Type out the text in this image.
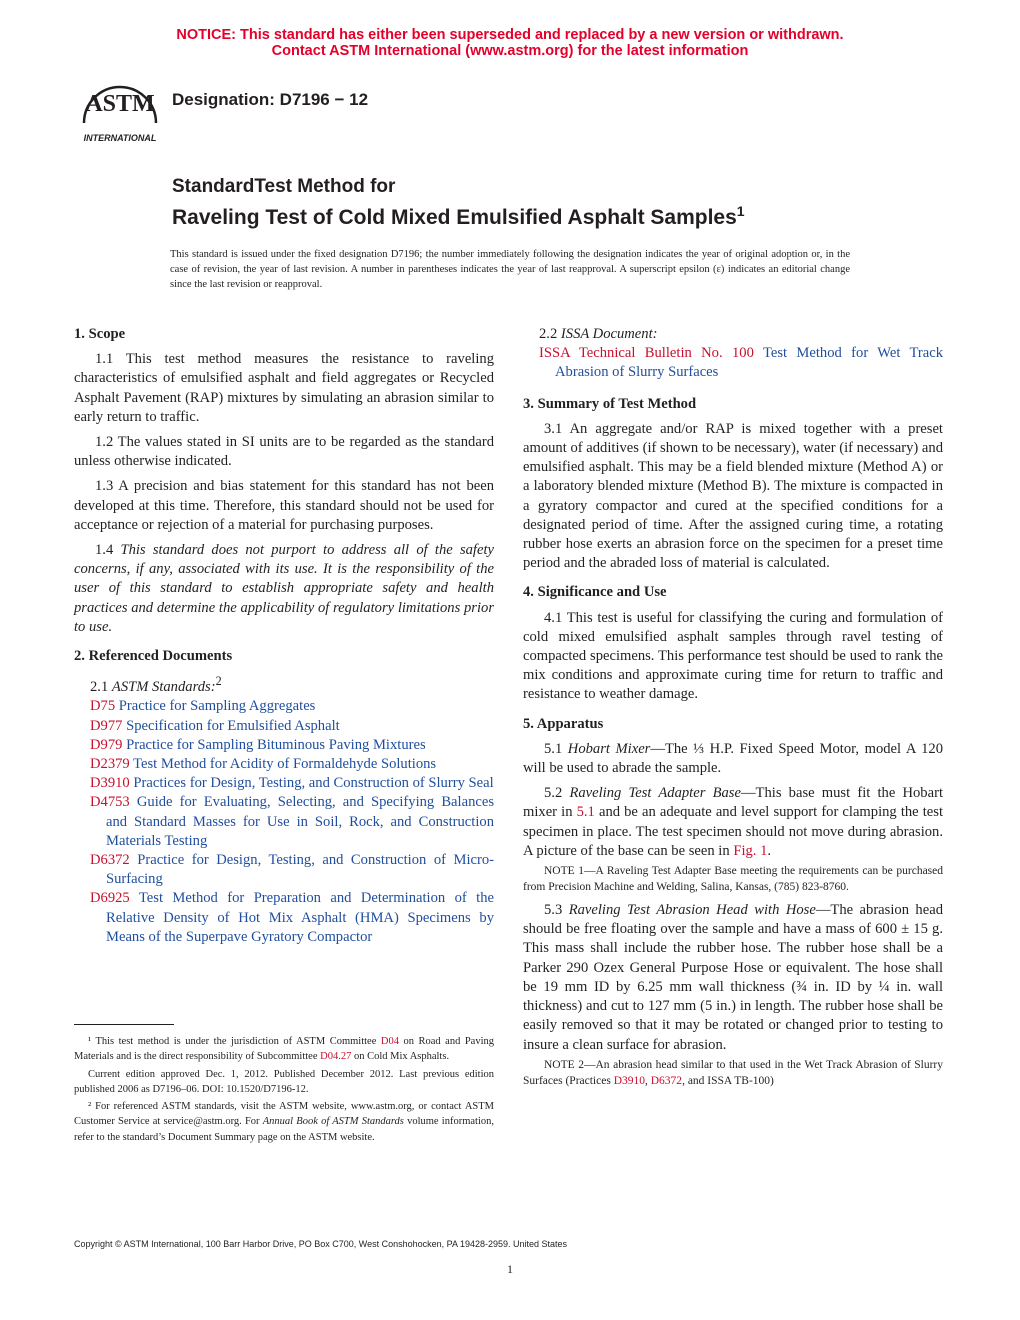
NOTICE: This standard has either been superseded and replaced by a new version or withdrawn.
Contact ASTM International (www.astm.org) for the latest information
ASTM
INTERNATIONAL
Designation: D7196 − 12
StandardTest Method for
Raveling Test of Cold Mixed Emulsified Asphalt Samples$^1$
This standard is issued under the fixed designation D7196; the number immediately following the designation indicates the year of original adoption or, in the case of revision, the year of last revision. A number in parentheses indicates the year of last reapproval. A superscript epsilon (ε) indicates an editorial change since the last revision or reapproval.
1. Scope

1.1 This test method measures the resistance to raveling characteristics of emulsified asphalt and field aggregates or Recycled Asphalt Pavement (RAP) mixtures by simulating an abrasion similar to early return to traffic.

1.2 The values stated in SI units are to be regarded as the standard unless otherwise indicated.

1.3 A precision and bias statement for this standard has not been developed at this time. Therefore, this standard should not be used for acceptance or rejection of a material for purchasing purposes.

1.4 This standard does not purport to address all of the safety concerns, if any, associated with its use. It is the responsibility of the user of this standard to establish appropriate safety and health practices and determine the applicability of regulatory limitations prior to use.

2. Referenced Documents

2.1 ASTM Standards:$^2$

D75 Practice for Sampling Aggregates

D977 Specification for Emulsified Asphalt

D979 Practice for Sampling Bituminous Paving Mixtures

D2379 Test Method for Acidity of Formaldehyde Solutions

D3910 Practices for Design, Testing, and Construction of Slurry Seal

D4753 Guide for Evaluating, Selecting, and Specifying Balances and Standard Masses for Use in Soil, Rock, and Construction Materials Testing

D6372 Practice for Design, Testing, and Construction of Micro-Surfacing

D6925 Test Method for Preparation and Determination of the Relative Density of Hot Mix Asphalt (HMA) Specimens by Means of the Superpave Gyratory Compactor

2.2 ISSA Document:

ISSA Technical Bulletin No. 100 Test Method for Wet Track Abrasion of Slurry Surfaces

3. Summary of Test Method

3.1 An aggregate and/or RAP is mixed together with a preset amount of additives (if shown to be necessary), water (if necessary) and emulsified asphalt. This may be a field blended mixture (Method A) or a laboratory blended mixture (Method B). The mixture is compacted in a gyratory compactor and cured at the specified conditions for a designated period of time. After the assigned curing time, a rotating rubber hose exerts an abrasion force on the specimen for a preset time period and the abraded loss of material is calculated.

4. Significance and Use

4.1 This test is useful for classifying the curing and formulation of cold mixed emulsified asphalt samples through ravel testing of compacted specimens. This performance test should be used to rank the mix conditions and approximate curing time for return to traffic and resistance to weather damage.

5. Apparatus

5.1 Hobart Mixer—The ⅓ H.P. Fixed Speed Motor, model A 120 will be used to abrade the sample.

5.2 Raveling Test Adapter Base—This base must fit the Hobart mixer in 5.1 and be an adequate and level support for clamping the test specimen in place. The test specimen should not move during abrasion. A picture of the base can be seen in Fig. 1.

NOTE 1—A Raveling Test Adapter Base meeting the requirements can be purchased from Precision Machine and Welding, Salina, Kansas, (785) 823-8760.

5.3 Raveling Test Abrasion Head with Hose—The abrasion head should be free floating over the sample and have a mass of 600 ± 15 g. This mass shall include the rubber hose. The rubber hose shall be a Parker 290 Ozex General Purpose Hose or equivalent. The hose shall be 19 mm ID by 6.25 mm wall thickness (¾ in. ID by ¼ in. wall thickness) and cut to 127 mm (5 in.) in length. The rubber hose shall be easily removed so that it may be rotated or changed prior to testing to insure a clean surface for abrasion.

NOTE 2—An abrasion head similar to that used in the Wet Track Abrasion of Slurry Surfaces (Practices D3910, D6372, and ISSA TB-100)

¹ This test method is under the jurisdiction of ASTM Committee D04 on Road and Paving Materials and is the direct responsibility of Subcommittee D04.27 on Cold Mix Asphalts.

Current edition approved Dec. 1, 2012. Published December 2012. Last previous edition published 2006 as D7196–06. DOI: 10.1520/D7196-12.

² For referenced ASTM standards, visit the ASTM website, www.astm.org, or contact ASTM Customer Service at service@astm.org. For Annual Book of ASTM Standards volume information, refer to the standard’s Document Summary page on the ASTM website.

Copyright © ASTM International, 100 Barr Harbor Drive, PO Box C700, West Conshohocken, PA 19428-2959. United States
1
